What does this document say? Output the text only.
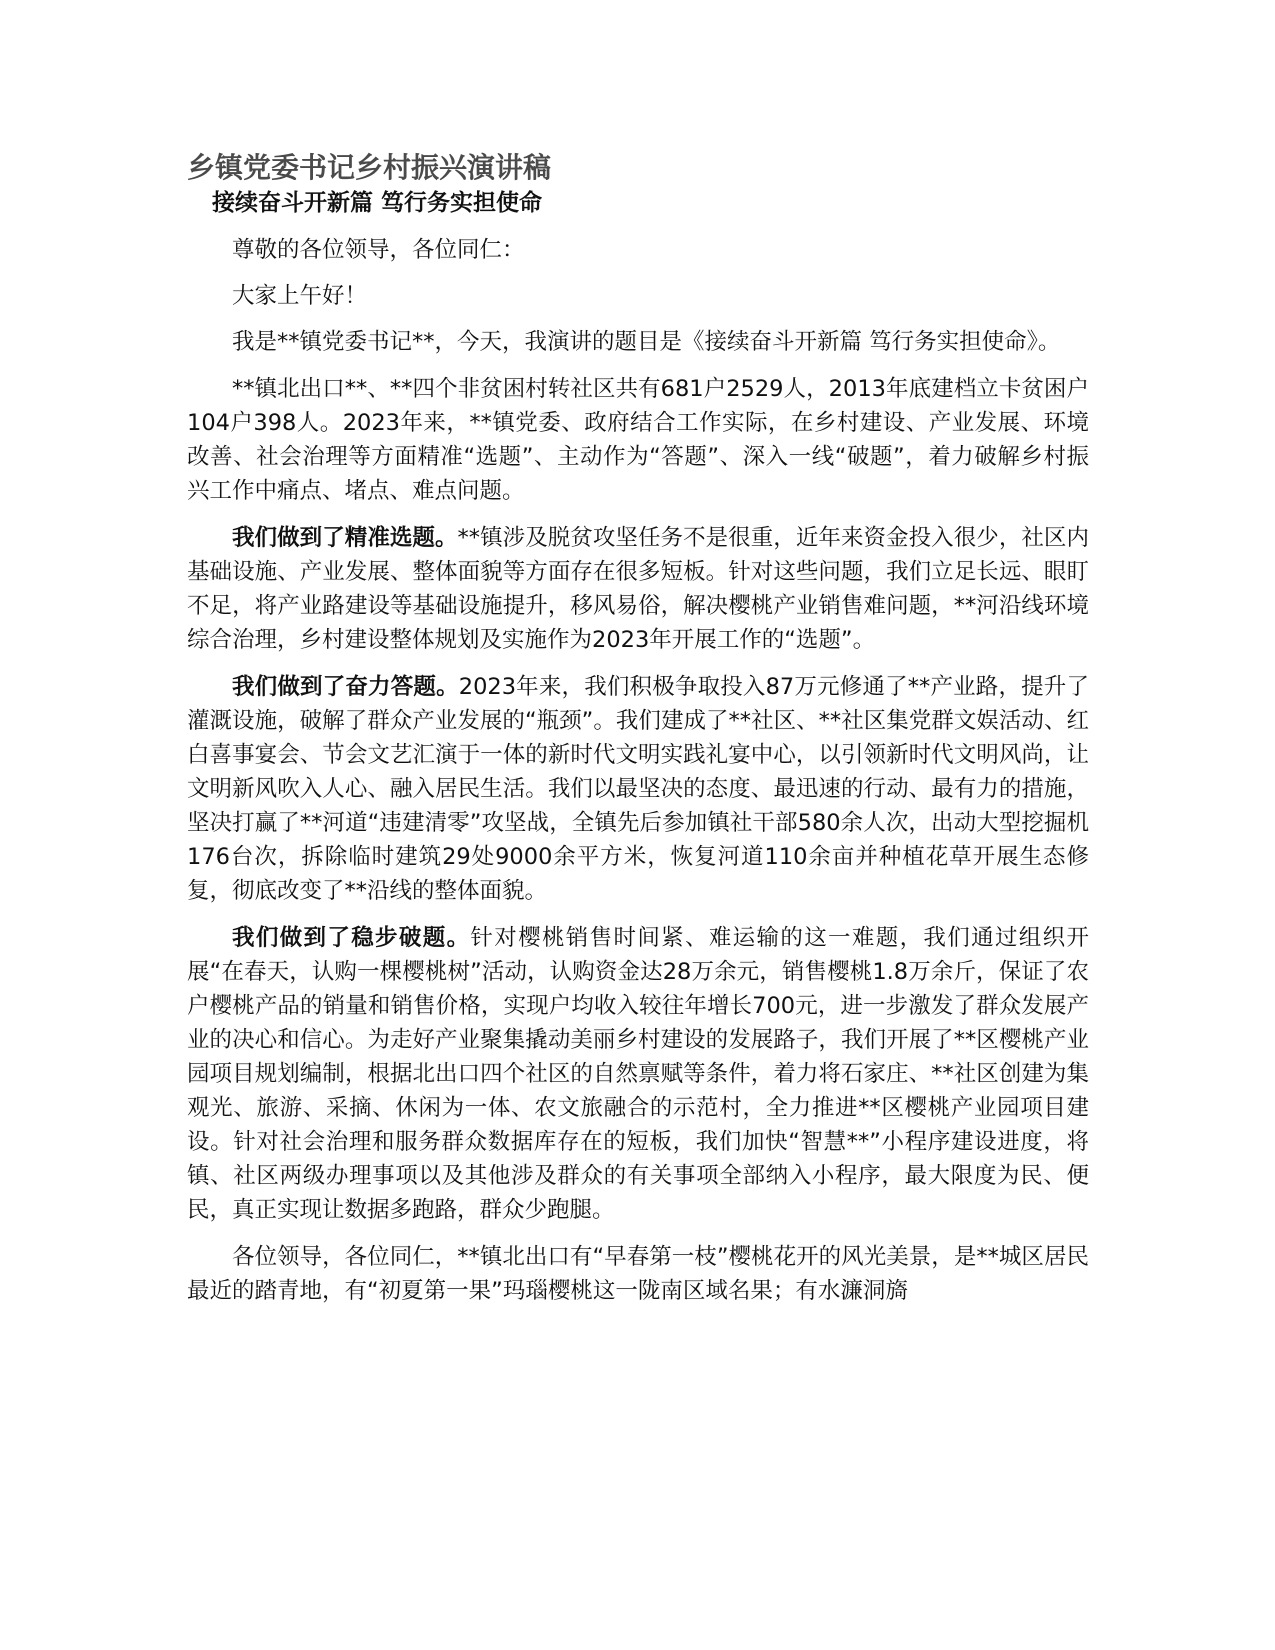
乡镇党委书记乡村振兴演讲稿
接续奋斗开新篇 笃行务实担使命

尊敬的各位领导，各位同仁：

大家上午好！

我是**镇党委书记**，今天，我演讲的题目是《接续奋斗开新篇 笃行务实担使命》。

**镇北出口**、**四个非贫困村转社区共有681户2529人，2013年底建档立卡贫困户104户398人。2023年来，**镇党委、政府结合工作实际，在乡村建设、产业发展、环境改善、社会治理等方面精准“选题”、主动作为“答题”、深入一线“破题”，着力破解乡村振兴工作中痛点、堵点、难点问题。

我们做到了精准选题。**镇涉及脱贫攻坚任务不是很重，近年来资金投入很少，社区内基础设施、产业发展、整体面貌等方面存在很多短板。针对这些问题，我们立足长远、眼盯不足，将产业路建设等基础设施提升，移风易俗，解决樱桃产业销售难问题，**河沿线环境综合治理，乡村建设整体规划及实施作为2023年开展工作的“选题”。

我们做到了奋力答题。2023年来，我们积极争取投入87万元修通了**产业路，提升了灌溉设施，破解了群众产业发展的“瓶颈”。我们建成了**社区、**社区集党群文娱活动、红白喜事宴会、节会文艺汇演于一体的新时代文明实践礼宴中心，以引领新时代文明风尚，让文明新风吹入人心、融入居民生活。我们以最坚决的态度、最迅速的行动、最有力的措施，坚决打赢了**河道“违建清零”攻坚战，全镇先后参加镇社干部580余人次，出动大型挖掘机176台次，拆除临时建筑29处9000余平方米，恢复河道110余亩并种植花草开展生态修复，彻底改变了**沿线的整体面貌。

我们做到了稳步破题。针对樱桃销售时间紧、难运输的这一难题，我们通过组织开展“在春天，认购一棵樱桃树”活动，认购资金达28万余元，销售樱桃1.8万余斤，保证了农户樱桃产品的销量和销售价格，实现户均收入较往年增长700元，进一步激发了群众发展产业的决心和信心。为走好产业聚集撬动美丽乡村建设的发展路子，我们开展了**区樱桃产业园项目规划编制，根据北出口四个社区的自然禀赋等条件，着力将石家庄、**社区创建为集观光、旅游、采摘、休闲为一体、农文旅融合的示范村，全力推进**区樱桃产业园项目建设。针对社会治理和服务群众数据库存在的短板，我们加快“智慧**”小程序建设进度，将镇、社区两级办理事项以及其他涉及群众的有关事项全部纳入小程序，最大限度为民、便民，真正实现让数据多跑路，群众少跑腿。

各位领导，各位同仁，**镇北出口有“早春第一枝”樱桃花开的风光美景，是**城区居民最近的踏青地，有“初夏第一果”玛瑙樱桃这一陇南区域名果；有水濂洞旖
